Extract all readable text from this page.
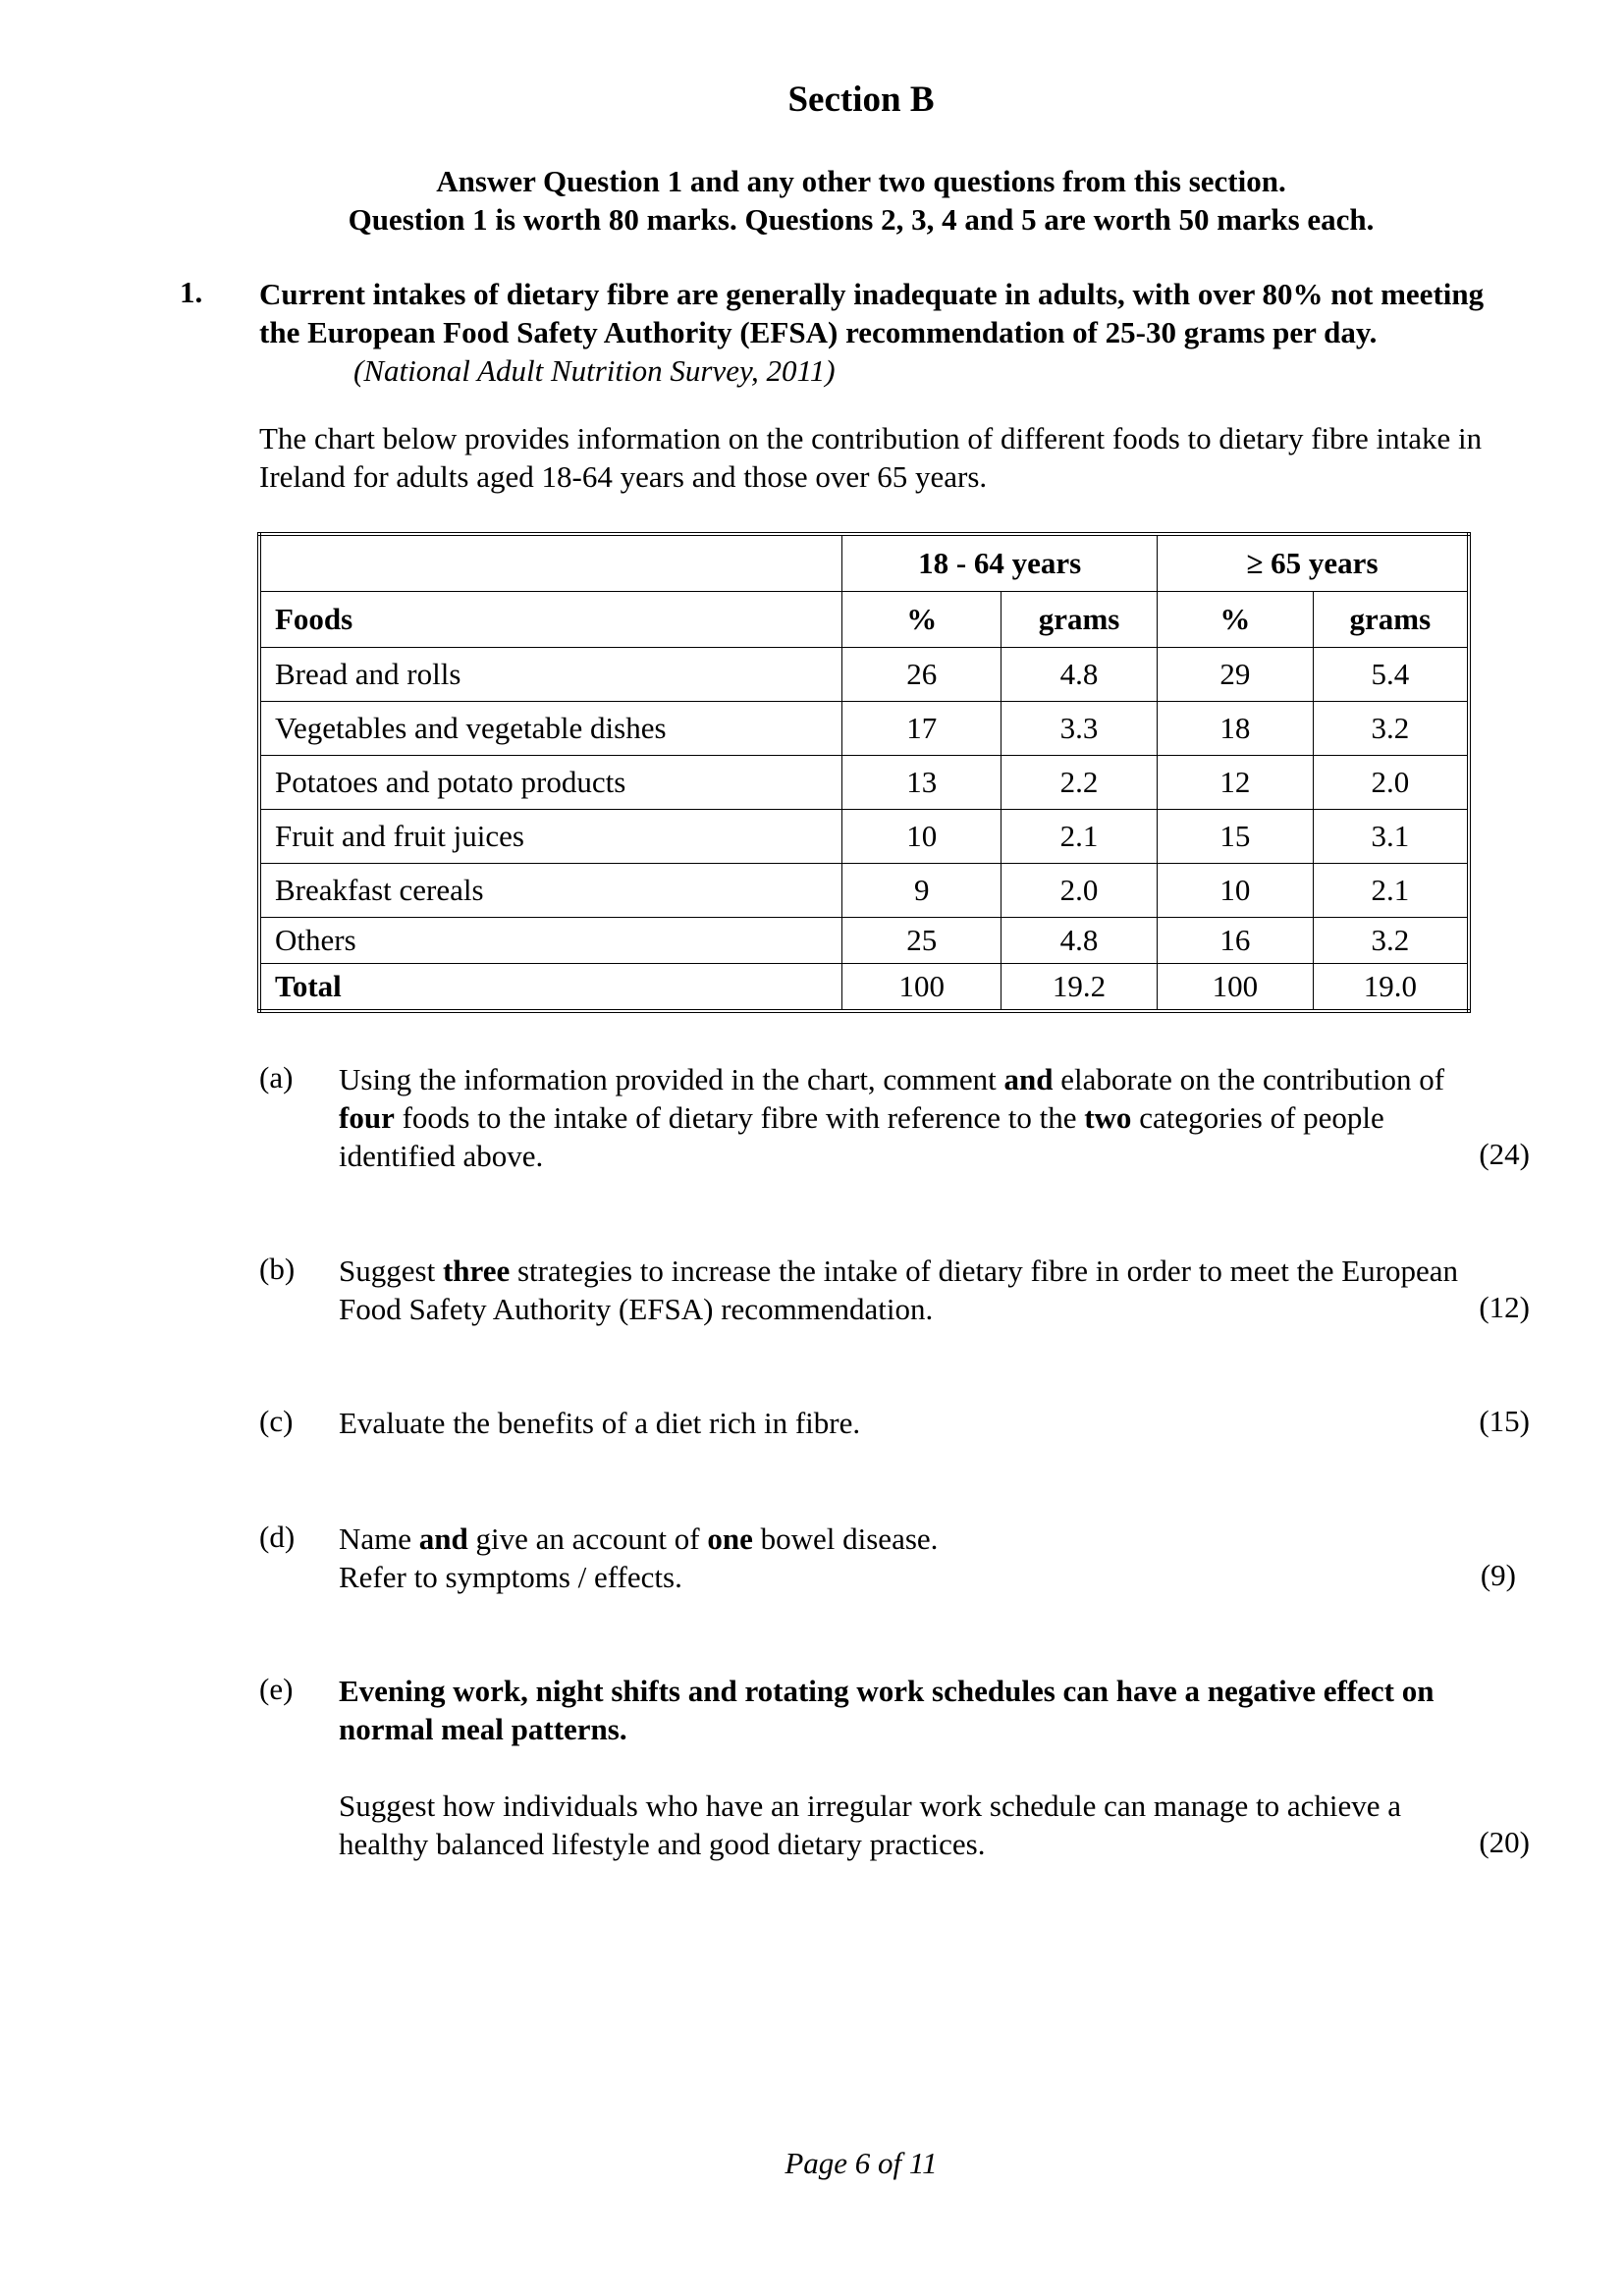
Section B
Answer Question 1 and any other two questions from this section.
Question 1 is worth 80 marks. Questions 2, 3, 4 and 5 are worth 50 marks each.
1. Current intakes of dietary fibre are generally inadequate in adults, with over 80% not meeting the European Food Safety Authority (EFSA) recommendation of 25-30 grams per day.(National Adult Nutrition Survey, 2011)
The chart below provides information on the contribution of different foods to dietary fibre intake in Ireland for adults aged 18-64 years and those over 65 years.
	18 - 64 years		≥ 65 years	
Foods	%	grams	%	grams
Bread and rolls	26	4.8	29	5.4
Vegetables and vegetable dishes	17	3.3	18	3.2
Potatoes and potato products	13	2.2	12	2.0
Fruit and fruit juices	10	2.1	15	3.1
Breakfast cereals	9	2.0	10	2.1
Others	25	4.8	16	3.2
Total	100	19.2	100	19.0
(a) Using the information provided in the chart, comment and elaborate on the contribution of four foods to the intake of dietary fibre with reference to the two categories of people identified above.	(24)
(b) Suggest three strategies to increase the intake of dietary fibre in order to meet the European Food Safety Authority (EFSA) recommendation.	(12)
(c) Evaluate the benefits of a diet rich in fibre.	(15)
(d) Name and give an account of one bowel disease.
Refer to symptoms / effects.	(9)
(e) Evening work, night shifts and rotating work schedules can have a negative effect on normal meal patterns.
Suggest how individuals who have an irregular work schedule can manage to achieve a healthy balanced lifestyle and good dietary practices.	(20)
Page 6 of 11
